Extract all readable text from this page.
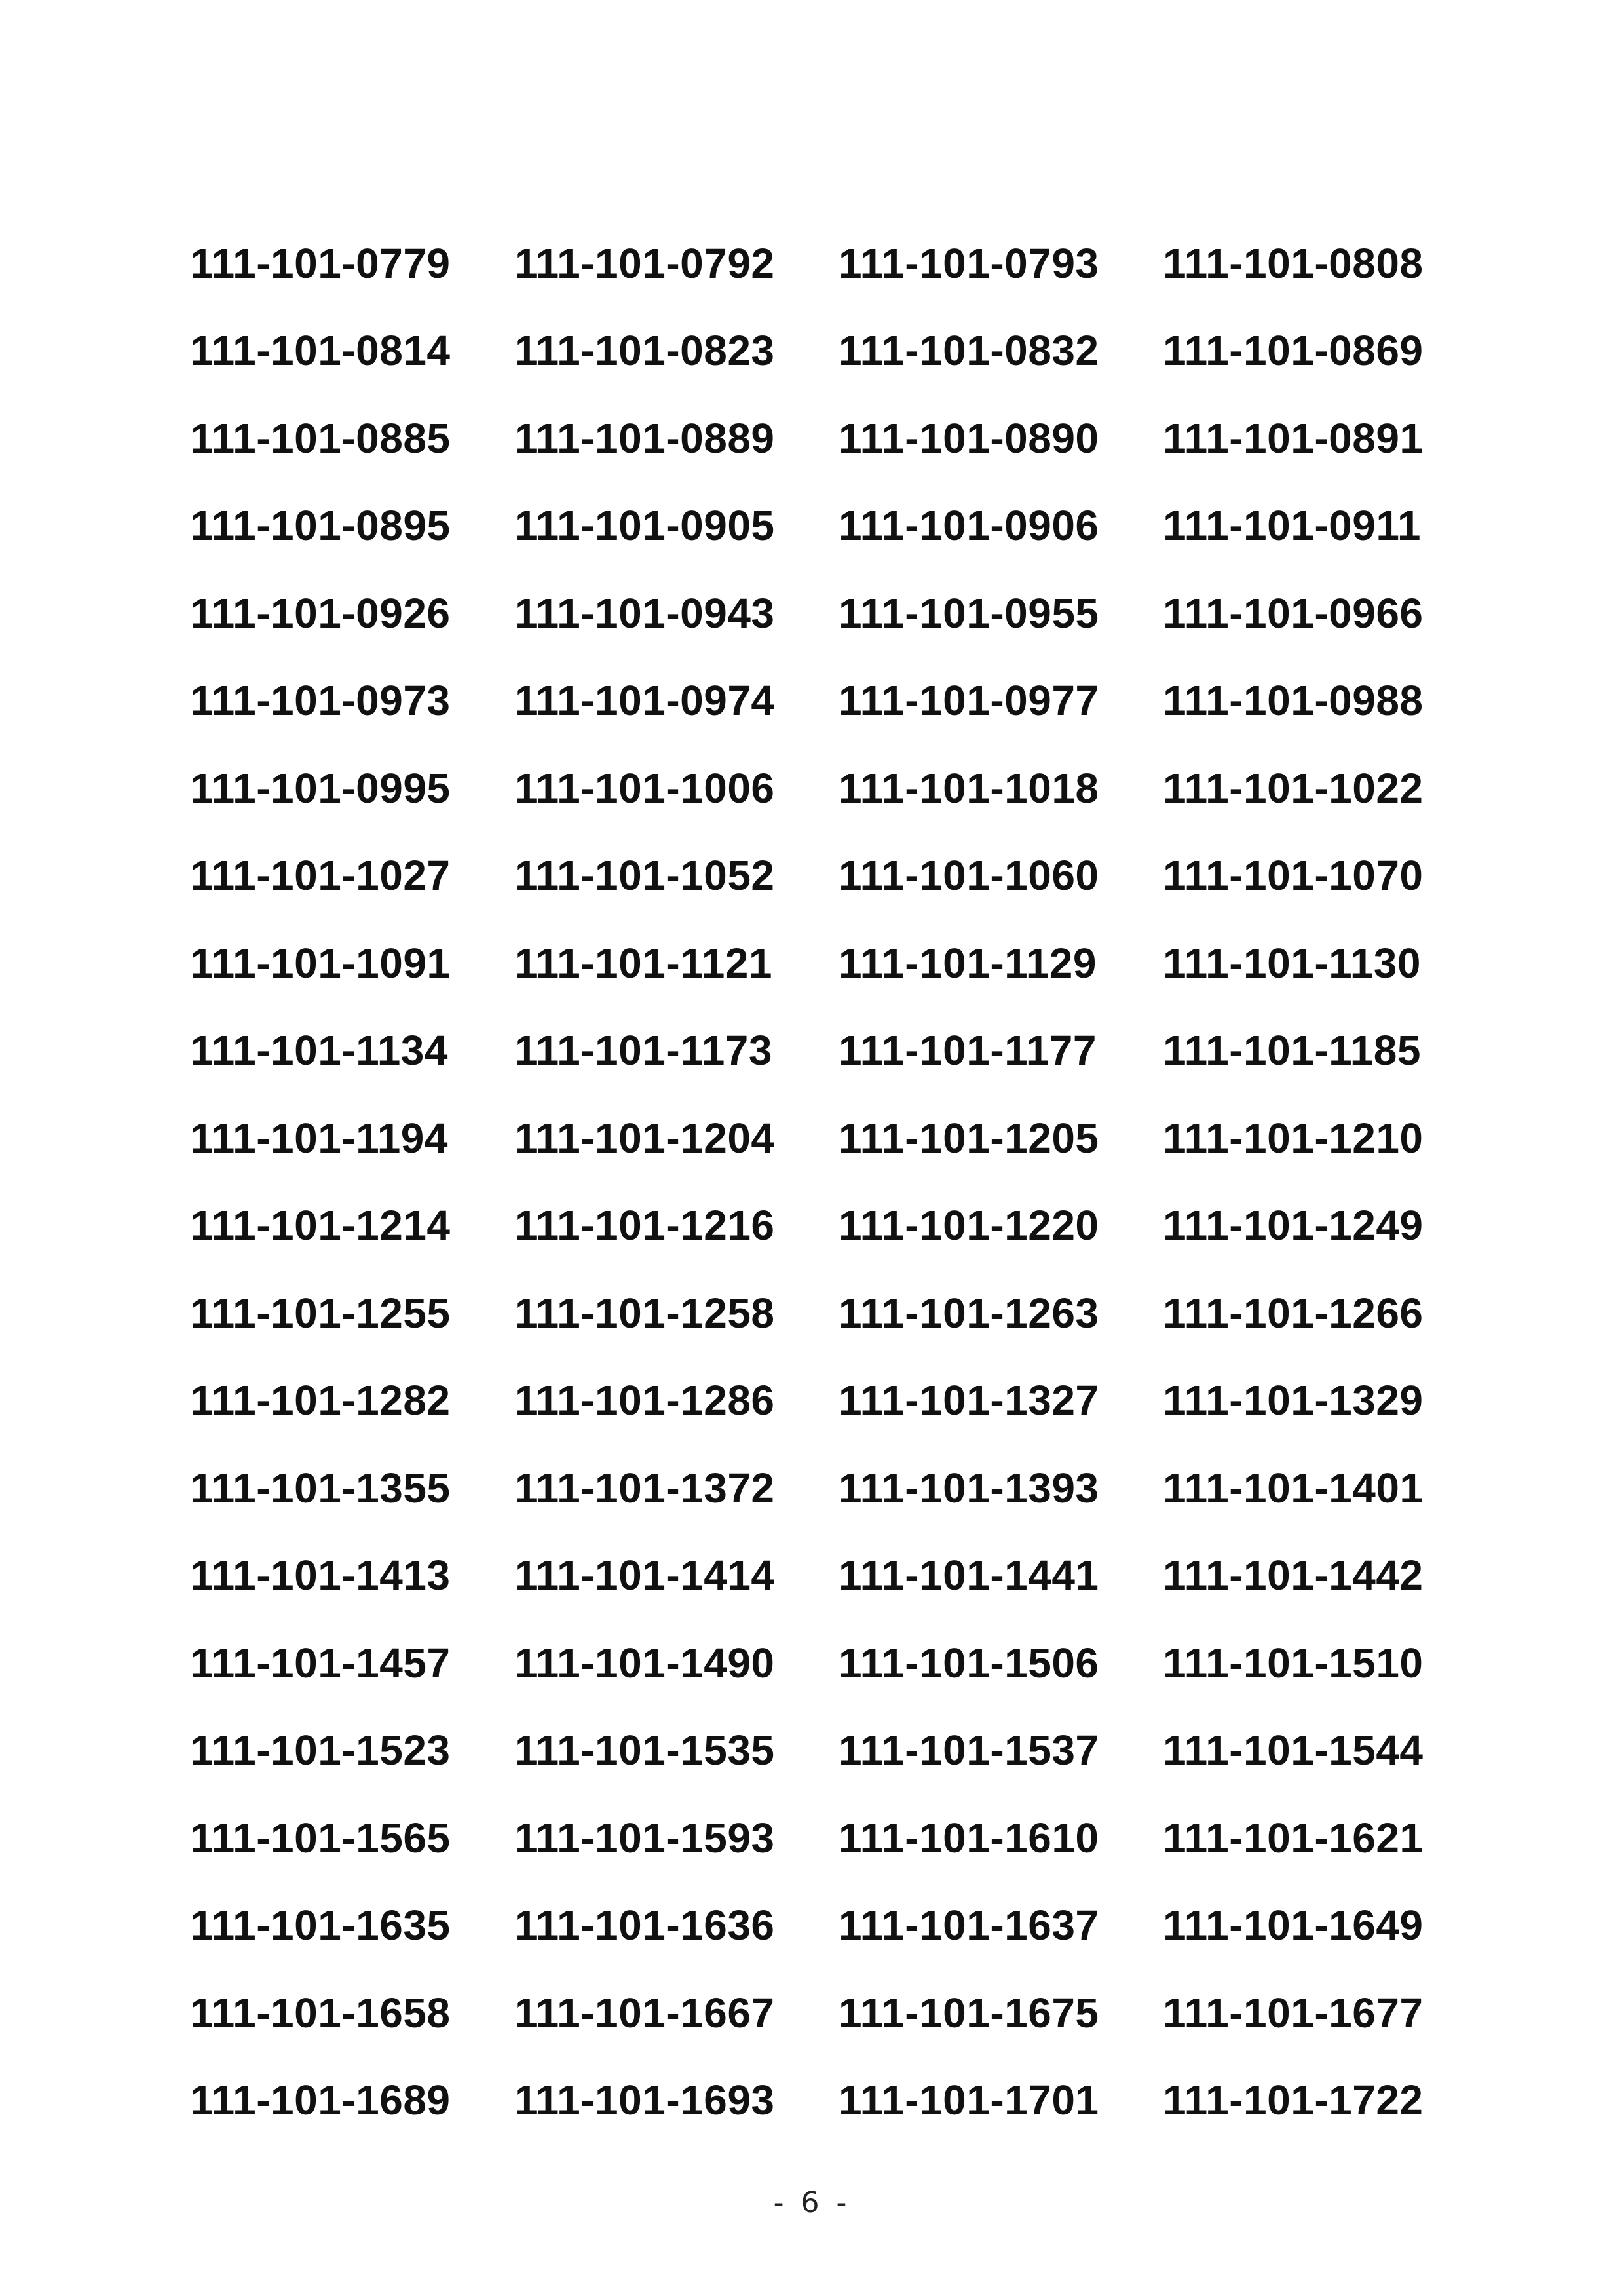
111-101-0779	111-101-0792	111-101-0793	111-101-0808
111-101-0814	111-101-0823	111-101-0832	111-101-0869
111-101-0885	111-101-0889	111-101-0890	111-101-0891
111-101-0895	111-101-0905	111-101-0906	111-101-0911
111-101-0926	111-101-0943	111-101-0955	111-101-0966
111-101-0973	111-101-0974	111-101-0977	111-101-0988
111-101-0995	111-101-1006	111-101-1018	111-101-1022
111-101-1027	111-101-1052	111-101-1060	111-101-1070
111-101-1091	111-101-1121	111-101-1129	111-101-1130
111-101-1134	111-101-1173	111-101-1177	111-101-1185
111-101-1194	111-101-1204	111-101-1205	111-101-1210
111-101-1214	111-101-1216	111-101-1220	111-101-1249
111-101-1255	111-101-1258	111-101-1263	111-101-1266
111-101-1282	111-101-1286	111-101-1327	111-101-1329
111-101-1355	111-101-1372	111-101-1393	111-101-1401
111-101-1413	111-101-1414	111-101-1441	111-101-1442
111-101-1457	111-101-1490	111-101-1506	111-101-1510
111-101-1523	111-101-1535	111-101-1537	111-101-1544
111-101-1565	111-101-1593	111-101-1610	111-101-1621
111-101-1635	111-101-1636	111-101-1637	111-101-1649
111-101-1658	111-101-1667	111-101-1675	111-101-1677
111-101-1689	111-101-1693	111-101-1701	111-101-1722
- 6 -
